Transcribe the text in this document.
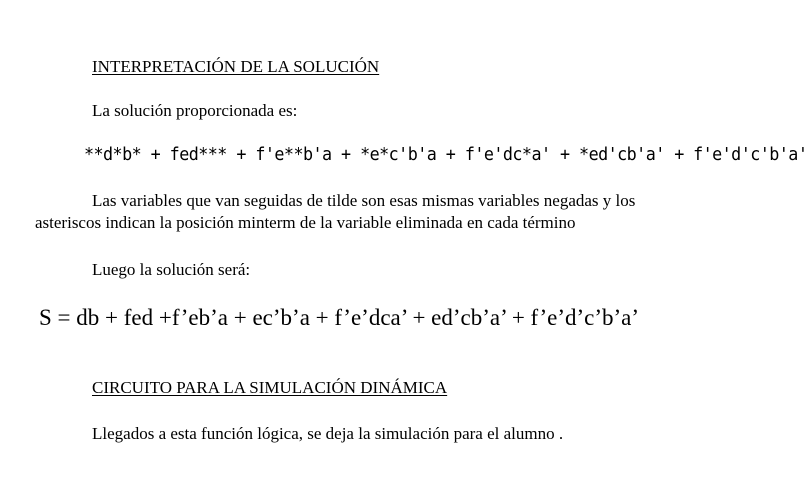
INTERPRETACIÓN DE LA SOLUCIÓN

La solución proporcionada es:

**d*b* + fed*** + f'e**b'a + *e*c'b'a + f'e'dc*a' + *ed'cb'a' + f'e'd'c'b'a'

Las variables que van seguidas de tilde son esas mismas variables negadas y los

asteriscos indican la posición minterm de la variable eliminada en cada término

Luego la solución será:

S = db + fed +f’eb’a + ec’b’a + f’e’dca’ + ed’cb’a’ + f’e’d’c’b’a’

CIRCUITO PARA LA SIMULACIÓN DINÁMICA

Llegados a esta función lógica, se deja la simulación para el alumno .
